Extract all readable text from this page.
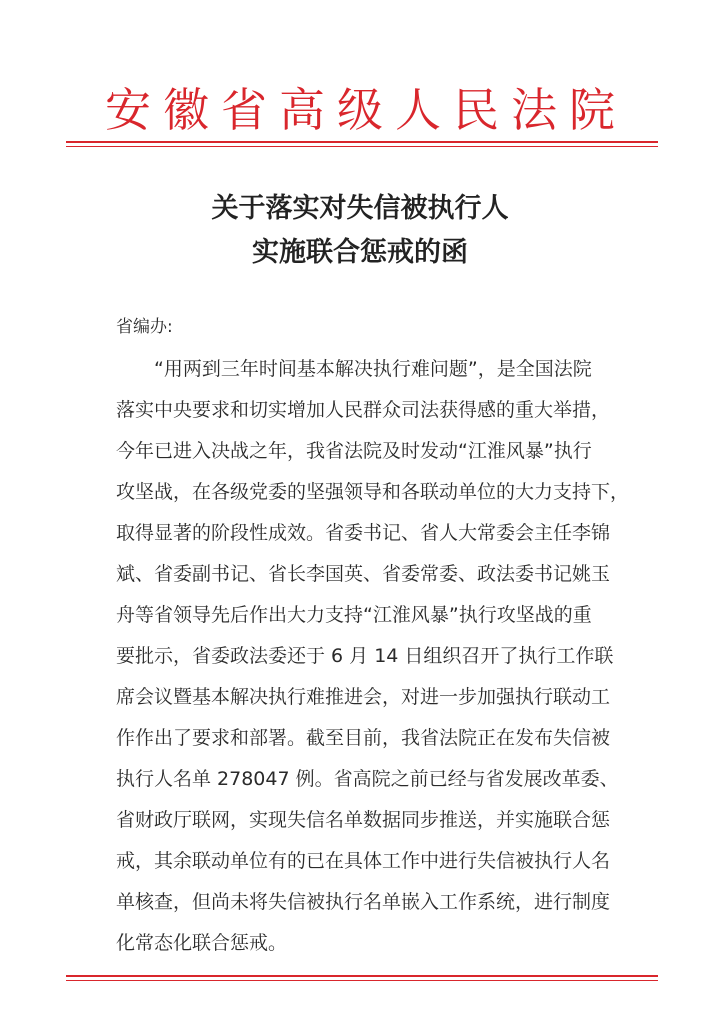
安徽省高级人民法院
关于落实对失信被执行人
实施联合惩戒的函
省编办:
“用两到三年时间基本解决执行难问题”，是全国法院
落实中央要求和切实增加人民群众司法获得感的重大举措，
今年已进入决战之年，我省法院及时发动“江淮风暴”执行
攻坚战，在各级党委的坚强领导和各联动单位的大力支持下，
取得显著的阶段性成效。省委书记、省人大常委会主任李锦
斌、省委副书记、省长李国英、省委常委、政法委书记姚玉
舟等省领导先后作出大力支持“江淮风暴”执行攻坚战的重
要批示，省委政法委还于 6 月 14 日组织召开了执行工作联
席会议暨基本解决执行难推进会，对进一步加强执行联动工
作作出了要求和部署。截至目前，我省法院正在发布失信被
执行人名单 278047 例。省高院之前已经与省发展改革委、
省财政厅联网，实现失信名单数据同步推送，并实施联合惩
戒，其余联动单位有的已在具体工作中进行失信被执行人名
单核查，但尚未将失信被执行名单嵌入工作系统，进行制度
化常态化联合惩戒。
